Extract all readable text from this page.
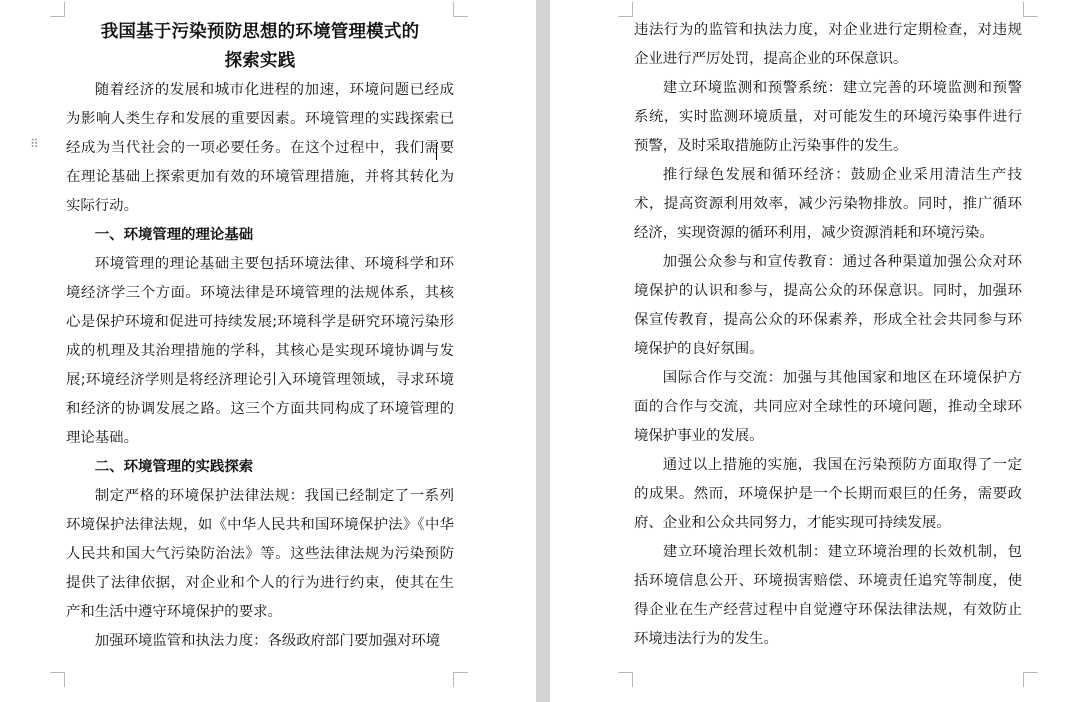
⠿
我国基于污染预防思想的环境管理模式的
探索实践

随着经济的发展和城市化进程的加速，环境问题已经成为影响人类生存和发展的重要因素。环境管理的实践探索已经成为当代社会的一项必要任务。在这个过程中，我们需要在理论基础上探索更加有效的环境管理措施，并将其转化为实际行动。

一、环境管理的理论基础

环境管理的理论基础主要包括环境法律、环境科学和环境经济学三个方面。环境法律是环境管理的法规体系，其核心是保护环境和促进可持续发展;环境科学是研究环境污染形成的机理及其治理措施的学科，其核心是实现环境协调与发展;环境经济学则是将经济理论引入环境管理领域，寻求环境和经济的协调发展之路。这三个方面共同构成了环境管理的理论基础。

二、环境管理的实践探索

制定严格的环境保护法律法规：我国已经制定了一系列环境保护法律法规，如《中华人民共和国环境保护法》《中华人民共和国大气污染防治法》等。这些法律法规为污染预防提供了法律依据，对企业和个人的行为进行约束，使其在生产和生活中遵守环境保护的要求。

加强环境监管和执法力度：各级政府部门要加强对环境

违法行为的监管和执法力度，对企业进行定期检查，对违规企业进行严厉处罚，提高企业的环保意识。

建立环境监测和预警系统：建立完善的环境监测和预警系统，实时监测环境质量，对可能发生的环境污染事件进行预警，及时采取措施防止污染事件的发生。

推行绿色发展和循环经济：鼓励企业采用清洁生产技术，提高资源利用效率，减少污染物排放。同时，推广循环经济，实现资源的循环利用，减少资源消耗和环境污染。

加强公众参与和宣传教育：通过各种渠道加强公众对环境保护的认识和参与，提高公众的环保意识。同时，加强环保宣传教育，提高公众的环保素养，形成全社会共同参与环境保护的良好氛围。

国际合作与交流：加强与其他国家和地区在环境保护方面的合作与交流，共同应对全球性的环境问题，推动全球环境保护事业的发展。

通过以上措施的实施，我国在污染预防方面取得了一定的成果。然而，环境保护是一个长期而艰巨的任务，需要政府、企业和公众共同努力，才能实现可持续发展。

建立环境治理长效机制：建立环境治理的长效机制，包括环境信息公开、环境损害赔偿、环境责任追究等制度，使得企业在生产经营过程中自觉遵守环保法律法规，有效防止环境违法行为的发生。
